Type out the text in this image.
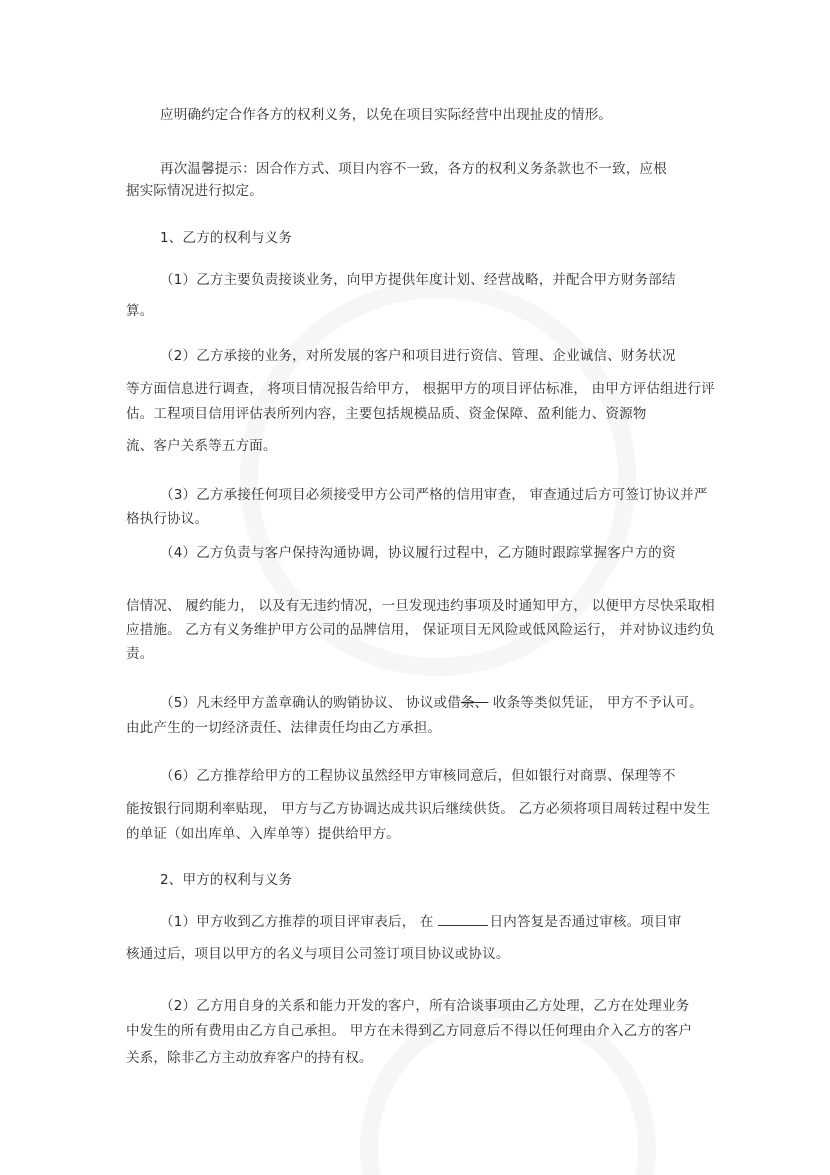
应明确约定合作各方的权利义务，以免在项目实际经营中出现扯皮的情形。

再次温馨提示：因合作方式、项目内容不一致，各方的权利义务条款也不一致，应根

据实际情况进行拟定。

1、乙方的权利与义务

（1）乙方主要负责接谈业务，向甲方提供年度计划、经营战略，并配合甲方财务部结

算。

（2）乙方承接的业务，对所发展的客户和项目进行资信、管理、企业诚信、财务状况

等方面信息进行调查， 将项目情况报告给甲方， 根据甲方的项目评估标准， 由甲方评估组进行评

估。工程项目信用评估表所列内容，主要包括规模品质、资金保障、盈利能力、资源物

流、客户关系等五方面。

（3）乙方承接任何项目必须接受甲方公司严格的信用审查， 审查通过后方可签订协议并严

格执行协议。

（4）乙方负责与客户保持沟通协调，协议履行过程中，乙方随时跟踪掌握客户方的资

信情况、 履约能力， 以及有无违约情况，一旦发现违约事项及时通知甲方， 以便甲方尽快采取相

应措施。 乙方有义务维护甲方公司的品牌信用， 保证项目无风险或低风险运行， 并对协议违约负

责。

（5）凡未经甲方盖章确认的购销协议、 协议或借条、 收条等类似凭证， 甲方不予认可。

由此产生的一切经济责任、法律责任均由乙方承担。

（6）乙方推荐给甲方的工程协议虽然经甲方审核同意后，但如银行对商票、保理等不

能按银行同期利率贴现， 甲方与乙方协调达成共识后继续供货。 乙方必须将项目周转过程中发生

的单证（如出库单、入库单等）提供给甲方。

2、甲方的权利与义务

（1）甲方收到乙方推荐的项目评审表后， 在	日内答复是否通过审核。项目审

核通过后，项目以甲方的名义与项目公司签订项目协议或协议。

（2）乙方用自身的关系和能力开发的客户，所有洽谈事项由乙方处理，乙方在处理业务

中发生的所有费用由乙方自己承担。 甲方在未得到乙方同意后不得以任何理由介入乙方的客户

关系，除非乙方主动放弃客户的持有权。
